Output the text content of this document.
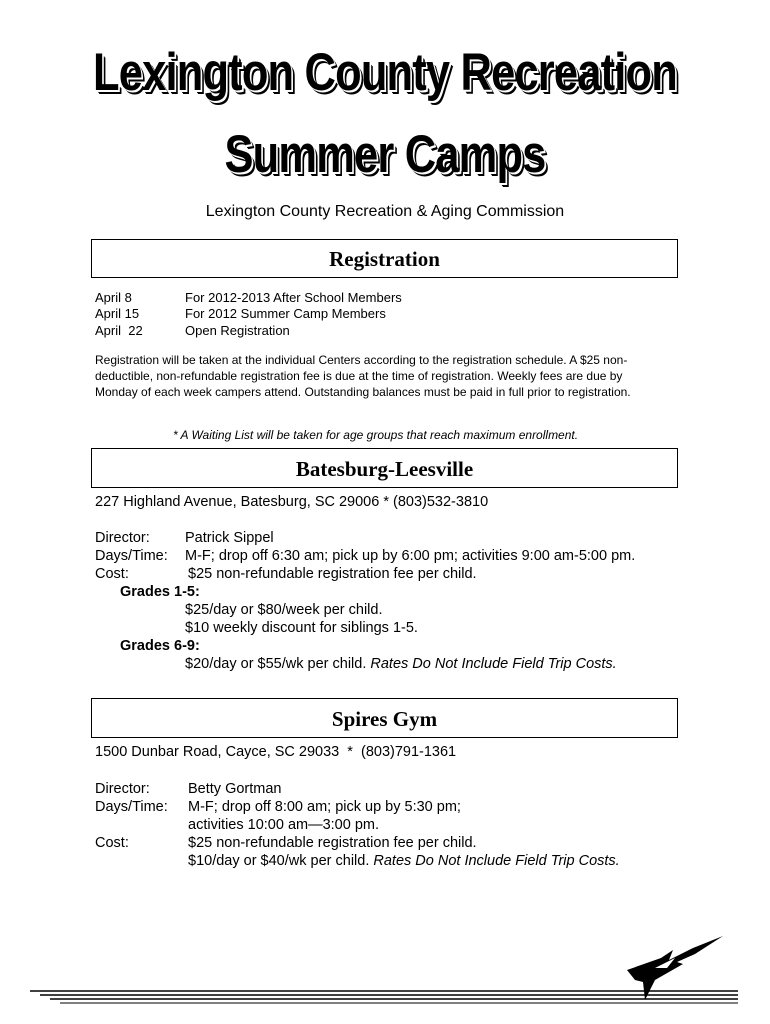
Lexington County Recreation
Summer Camps
Lexington County Recreation & Aging Commission
Registration
April 8	For 2012-2013 After School Members
April 15	For 2012 Summer Camp Members
April  22	Open Registration
Registration will be taken at the individual Centers according to the registration schedule. A $25 non-
deductible, non-refundable registration fee is due at the time of registration. Weekly fees are due by
Monday of each week campers attend. Outstanding balances must be paid in full prior to registration.
* A Waiting List will be taken for age groups that reach maximum enrollment.
Batesburg-Leesville
227 Highland Avenue, Batesburg, SC 29006 * (803)532-3810
Director: Patrick Sippel
Days/Time: M-F; drop off 6:30 am; pick up by 6:00 pm; activities 9:00 am-5:00 pm.
Cost:	$25 non-refundable registration fee per child.
Grades 1-5:
$25/day or $80/week per child.
$10 weekly discount for siblings 1-5.
Grades 6-9:
$20/day or $55/wk per child. Rates Do Not Include Field Trip Costs.
Spires Gym
1500 Dunbar Road, Cayce, SC 29033  *  (803)791-1361
Director:	Betty Gortman
Days/Time: M-F; drop off 8:00 am; pick up by 5:30 pm;
activities 10:00 am—3:00 pm.
Cost:	$25 non-refundable registration fee per child.
$10/day or $40/wk per child. Rates Do Not Include Field Trip Costs.
